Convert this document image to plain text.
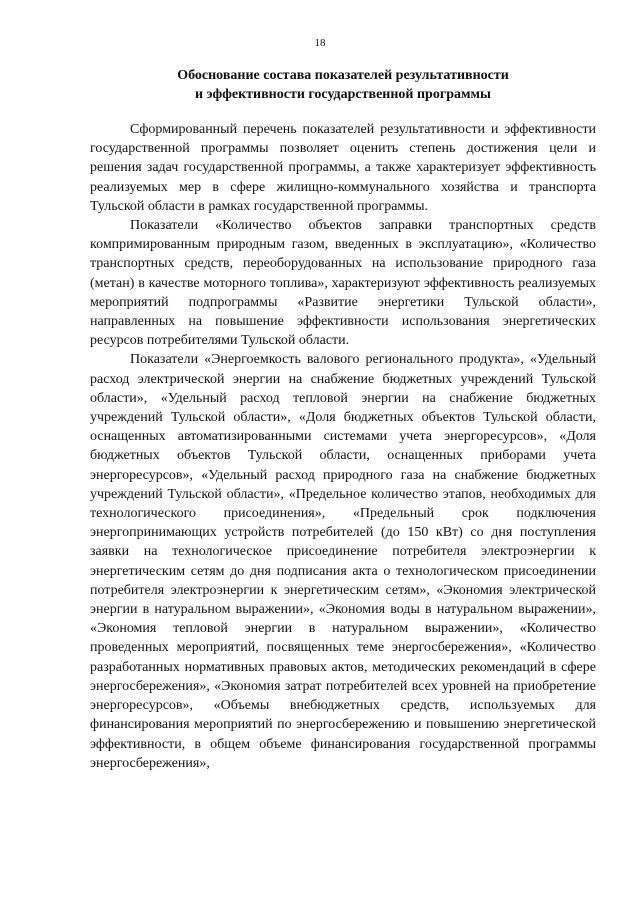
18
Обоснование состава показателей результативности
и эффективности государственной программы

Сформированный перечень показателей результативности и эффективности государственной программы позволяет оценить степень достижения цели и решения задач государственной программы, а также характеризует эффективность реализуемых мер в сфере жилищно-коммунального хозяйства и транспорта Тульской области в рамках государственной программы.

Показатели «Количество объектов заправки транспортных средств компримированным природным газом, введенных в эксплуатацию», «Количество транспортных средств, переоборудованных на использование природного газа (метан) в качестве моторного топлива», характеризуют эффективность реализуемых мероприятий подпрограммы «Развитие энергетики Тульской области», направленных на повышение эффективности использования энергетических ресурсов потребителями Тульской области.

Показатели «Энергоемкость валового регионального продукта», «Удельный расход электрической энергии на снабжение бюджетных учреждений Тульской области», «Удельный расход тепловой энергии на снабжение бюджетных учреждений Тульской области», «Доля бюджетных объектов Тульской области, оснащенных автоматизированными системами учета энергоресурсов», «Доля бюджетных объектов Тульской области, оснащенных приборами учета энергоресурсов», «Удельный расход природного газа на снабжение бюджетных учреждений Тульской области», «Предельное количество этапов, необходимых для технологического присоединения», «Предельный срок подключения энергопринимающих устройств потребителей (до 150 кВт) со дня поступления заявки на технологическое присоединение потребителя электроэнергии к энергетическим сетям до дня подписания акта о технологическом присоединении потребителя электроэнергии к энергетическим сетям», «Экономия электрической энергии в натуральном выражении», «Экономия воды в натуральном выражении», «Экономия тепловой энергии в натуральном выражении», «Количество проведенных мероприятий, посвященных теме энергосбережения», «Количество разработанных нормативных правовых актов, методических рекомендаций в сфере энергосбережения», «Экономия затрат потребителей всех уровней на приобретение энергоресурсов», «Объемы внебюджетных средств, используемых для финансирования мероприятий по энергосбережению и повышению энергетической эффективности, в общем объеме финансирования государственной программы энергосбережения»,
